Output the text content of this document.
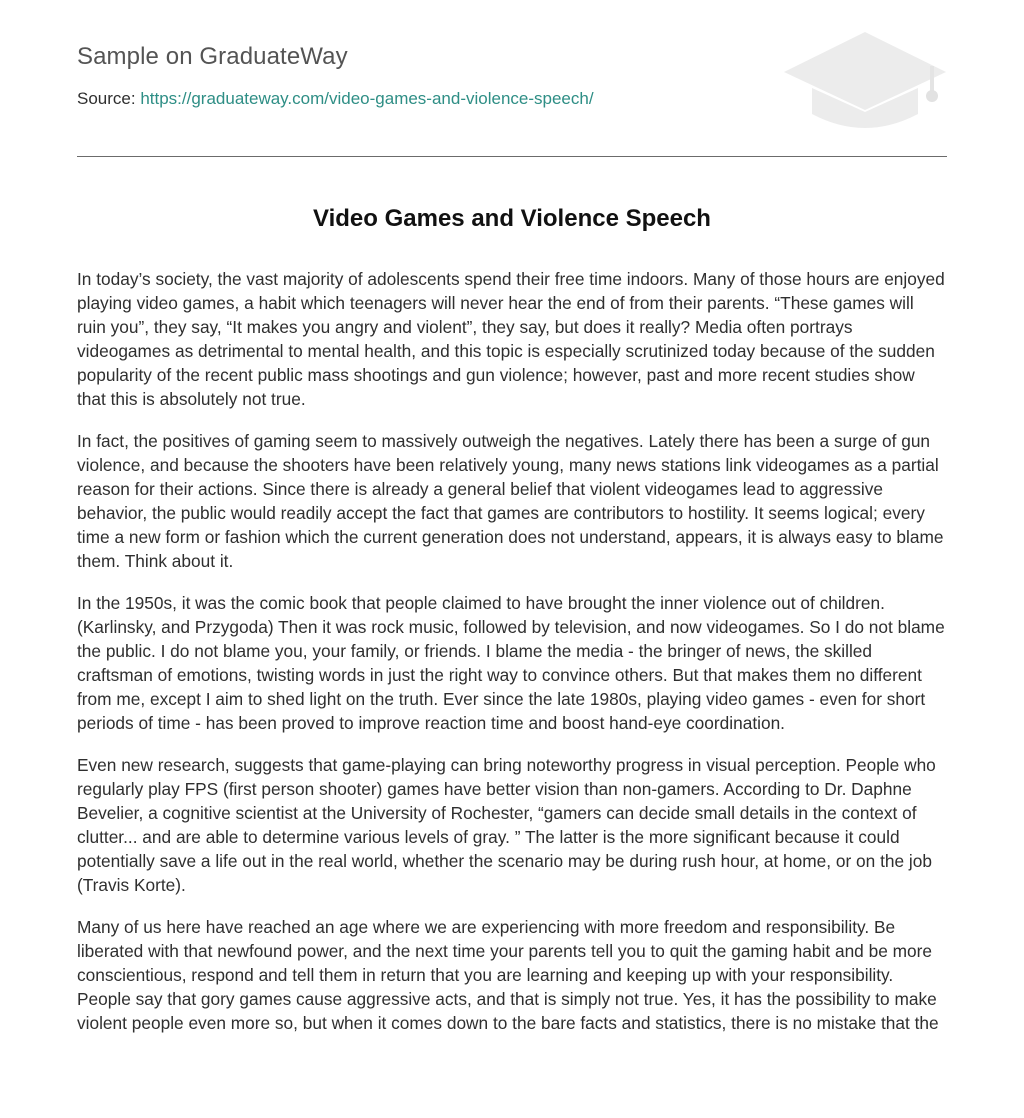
Sample on GraduateWay
Source: https://graduateway.com/video-games-and-violence-speech/
Video Games and Violence Speech

In today’s society, the vast majority of adolescents spend their free time indoors. Many of those hours are enjoyed playing video games, a habit which teenagers will never hear the end of from their parents. “These games will ruin you”, they say, “It makes you angry and violent”, they say, but does it really? Media often portrays videogames as detrimental to mental health, and this topic is especially scrutinized today because of the sudden popularity of the recent public mass shootings and gun violence; however, past and more recent studies show that this is absolutely not true.

In fact, the positives of gaming seem to massively outweigh the negatives. Lately there has been a surge of gun violence, and because the shooters have been relatively young, many news stations link videogames as a partial reason for their actions. Since there is already a general belief that violent videogames lead to aggressive behavior, the public would readily accept the fact that games are contributors to hostility. It seems logical; every time a new form or fashion which the current generation does not understand, appears, it is always easy to blame them. Think about it.

In the 1950s, it was the comic book that people claimed to have brought the inner violence out of children. (Karlinsky, and Przygoda) Then it was rock music, followed by television, and now videogames. So I do not blame the public. I do not blame you, your family, or friends. I blame the media - the bringer of news, the skilled craftsman of emotions, twisting words in just the right way to convince others. But that makes them no different from me, except I aim to shed light on the truth. Ever since the late 1980s, playing video games - even for short periods of time - has been proved to improve reaction time and boost hand-eye coordination.

Even new research, suggests that game-playing can bring noteworthy progress in visual perception. People who regularly play FPS (first person shooter) games have better vision than non-gamers. According to Dr. Daphne Bevelier, a cognitive scientist at the University of Rochester, “gamers can decide small details in the context of clutter... and are able to determine various levels of gray. ” The latter is the more significant because it could potentially save a life out in the real world, whether the scenario may be during rush hour, at home, or on the job (Travis Korte).

Many of us here have reached an age where we are experiencing with more freedom and responsibility. Be liberated with that newfound power, and the next time your parents tell you to quit the gaming habit and be more conscientious, respond and tell them in return that you are learning and keeping up with your responsibility. People say that gory games cause aggressive acts, and that is simply not true. Yes, it has the possibility to make violent people even more so, but when it comes down to the bare facts and statistics, there is no mistake that the
